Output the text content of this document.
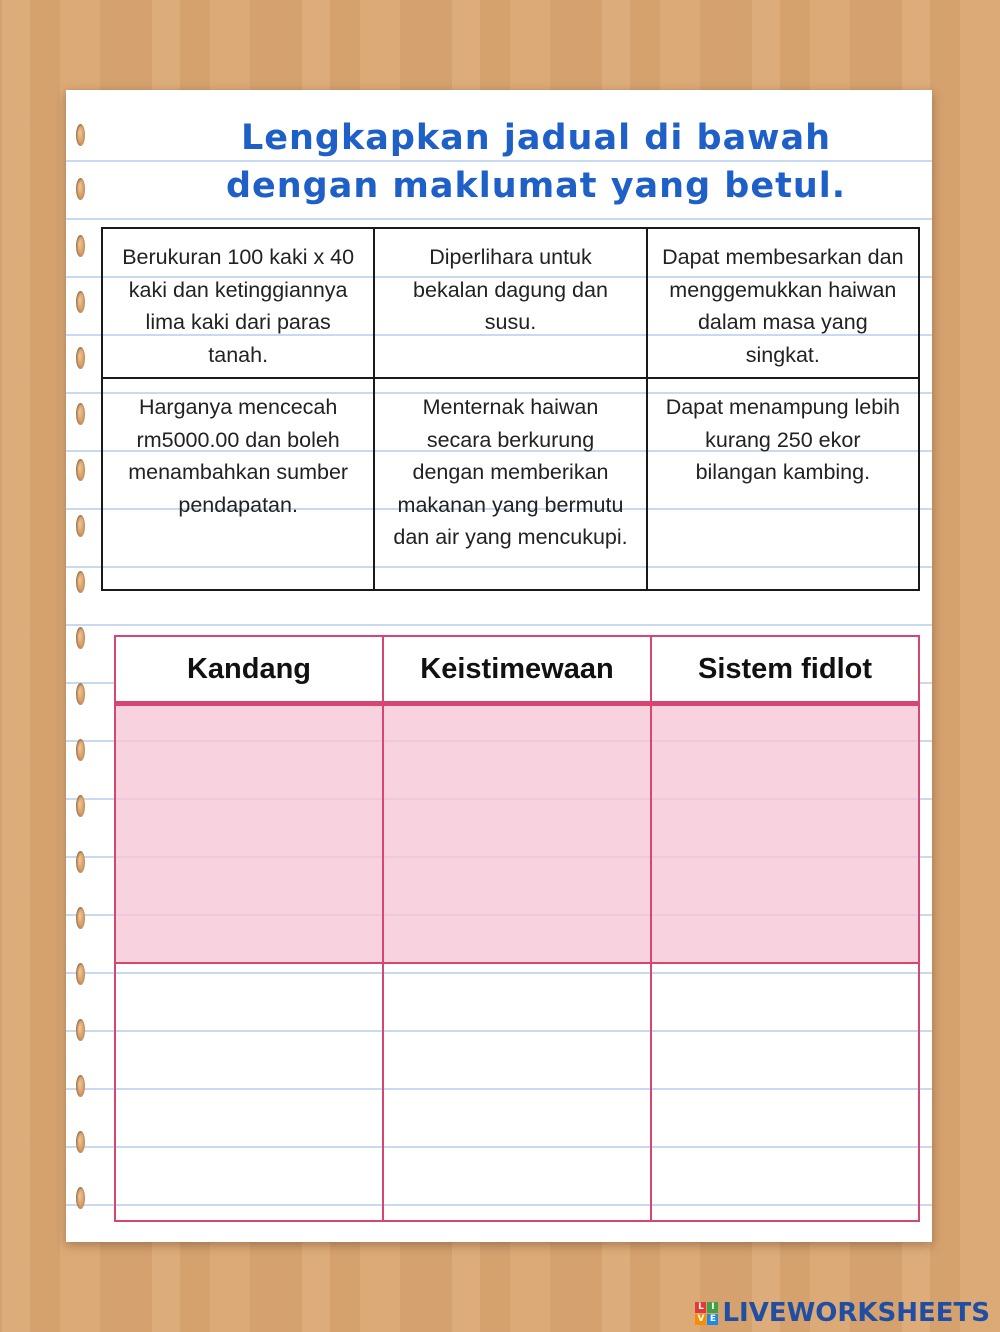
Lengkapkan jadual di bawah
dengan maklumat yang betul.
Berukuran 100 kaki x 40 kaki dan ketinggiannya lima kaki dari paras tanah.	Diperlihara untuk bekalan dagung dan susu.	Dapat membesarkan dan menggemukkan haiwan dalam masa yang singkat.
Harganya mencecah rm5000.00 dan boleh menambahkan sumber pendapatan.	Menternak haiwan secara berkurung dengan memberikan makanan yang bermutu dan air yang mencukupi.	Dapat menampung lebih kurang 250 ekor bilangan kambing.
Kandang	Keistimewaan	Sistem fidlot

L I
V E LIVEWORKSHEETS
